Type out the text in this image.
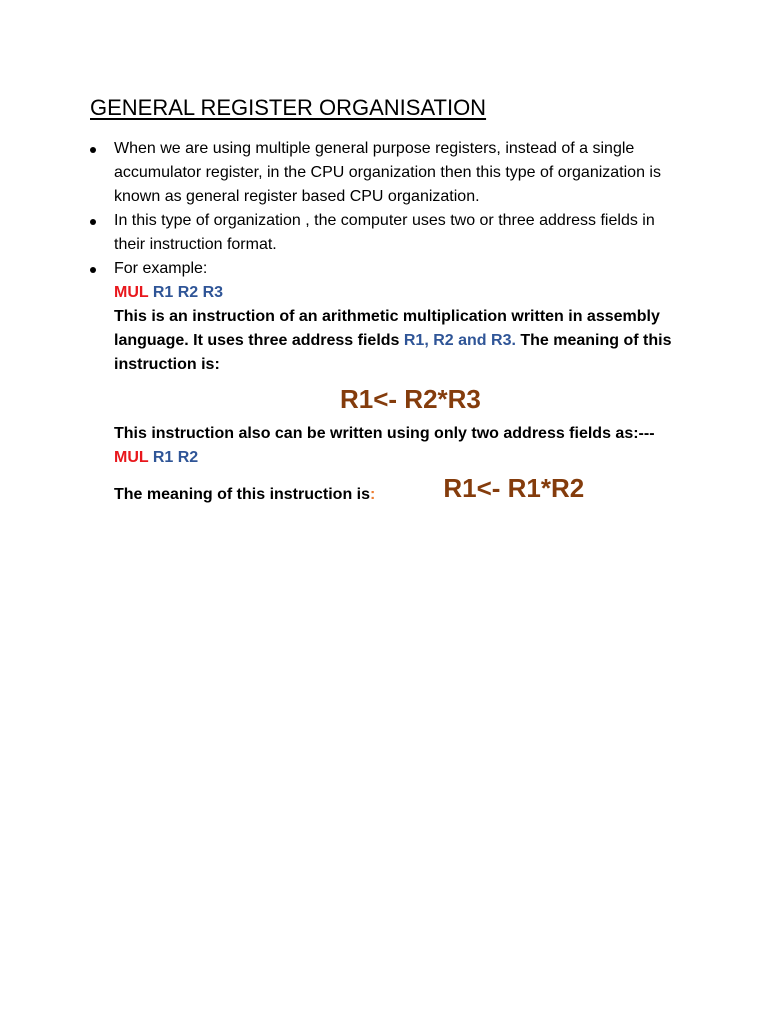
GENERAL REGISTER ORGANISATION
When we are using multiple general purpose registers, instead of a single
accumulator register, in the CPU organization then this type of organization is
known as general register based CPU organization.
In this type of organization , the computer uses two or three address fields in
their instruction format.
For example:
MUL R1 R2 R3
This is an instruction of an arithmetic multiplication written in assembly
language. It uses three address fields R1, R2 and R3. The meaning of this
instruction is:
R1<- R2*R3
This instruction also can be written using only two address fields as:---
MUL R1 R2
The meaning of this instruction is:	R1<- R1*R2
